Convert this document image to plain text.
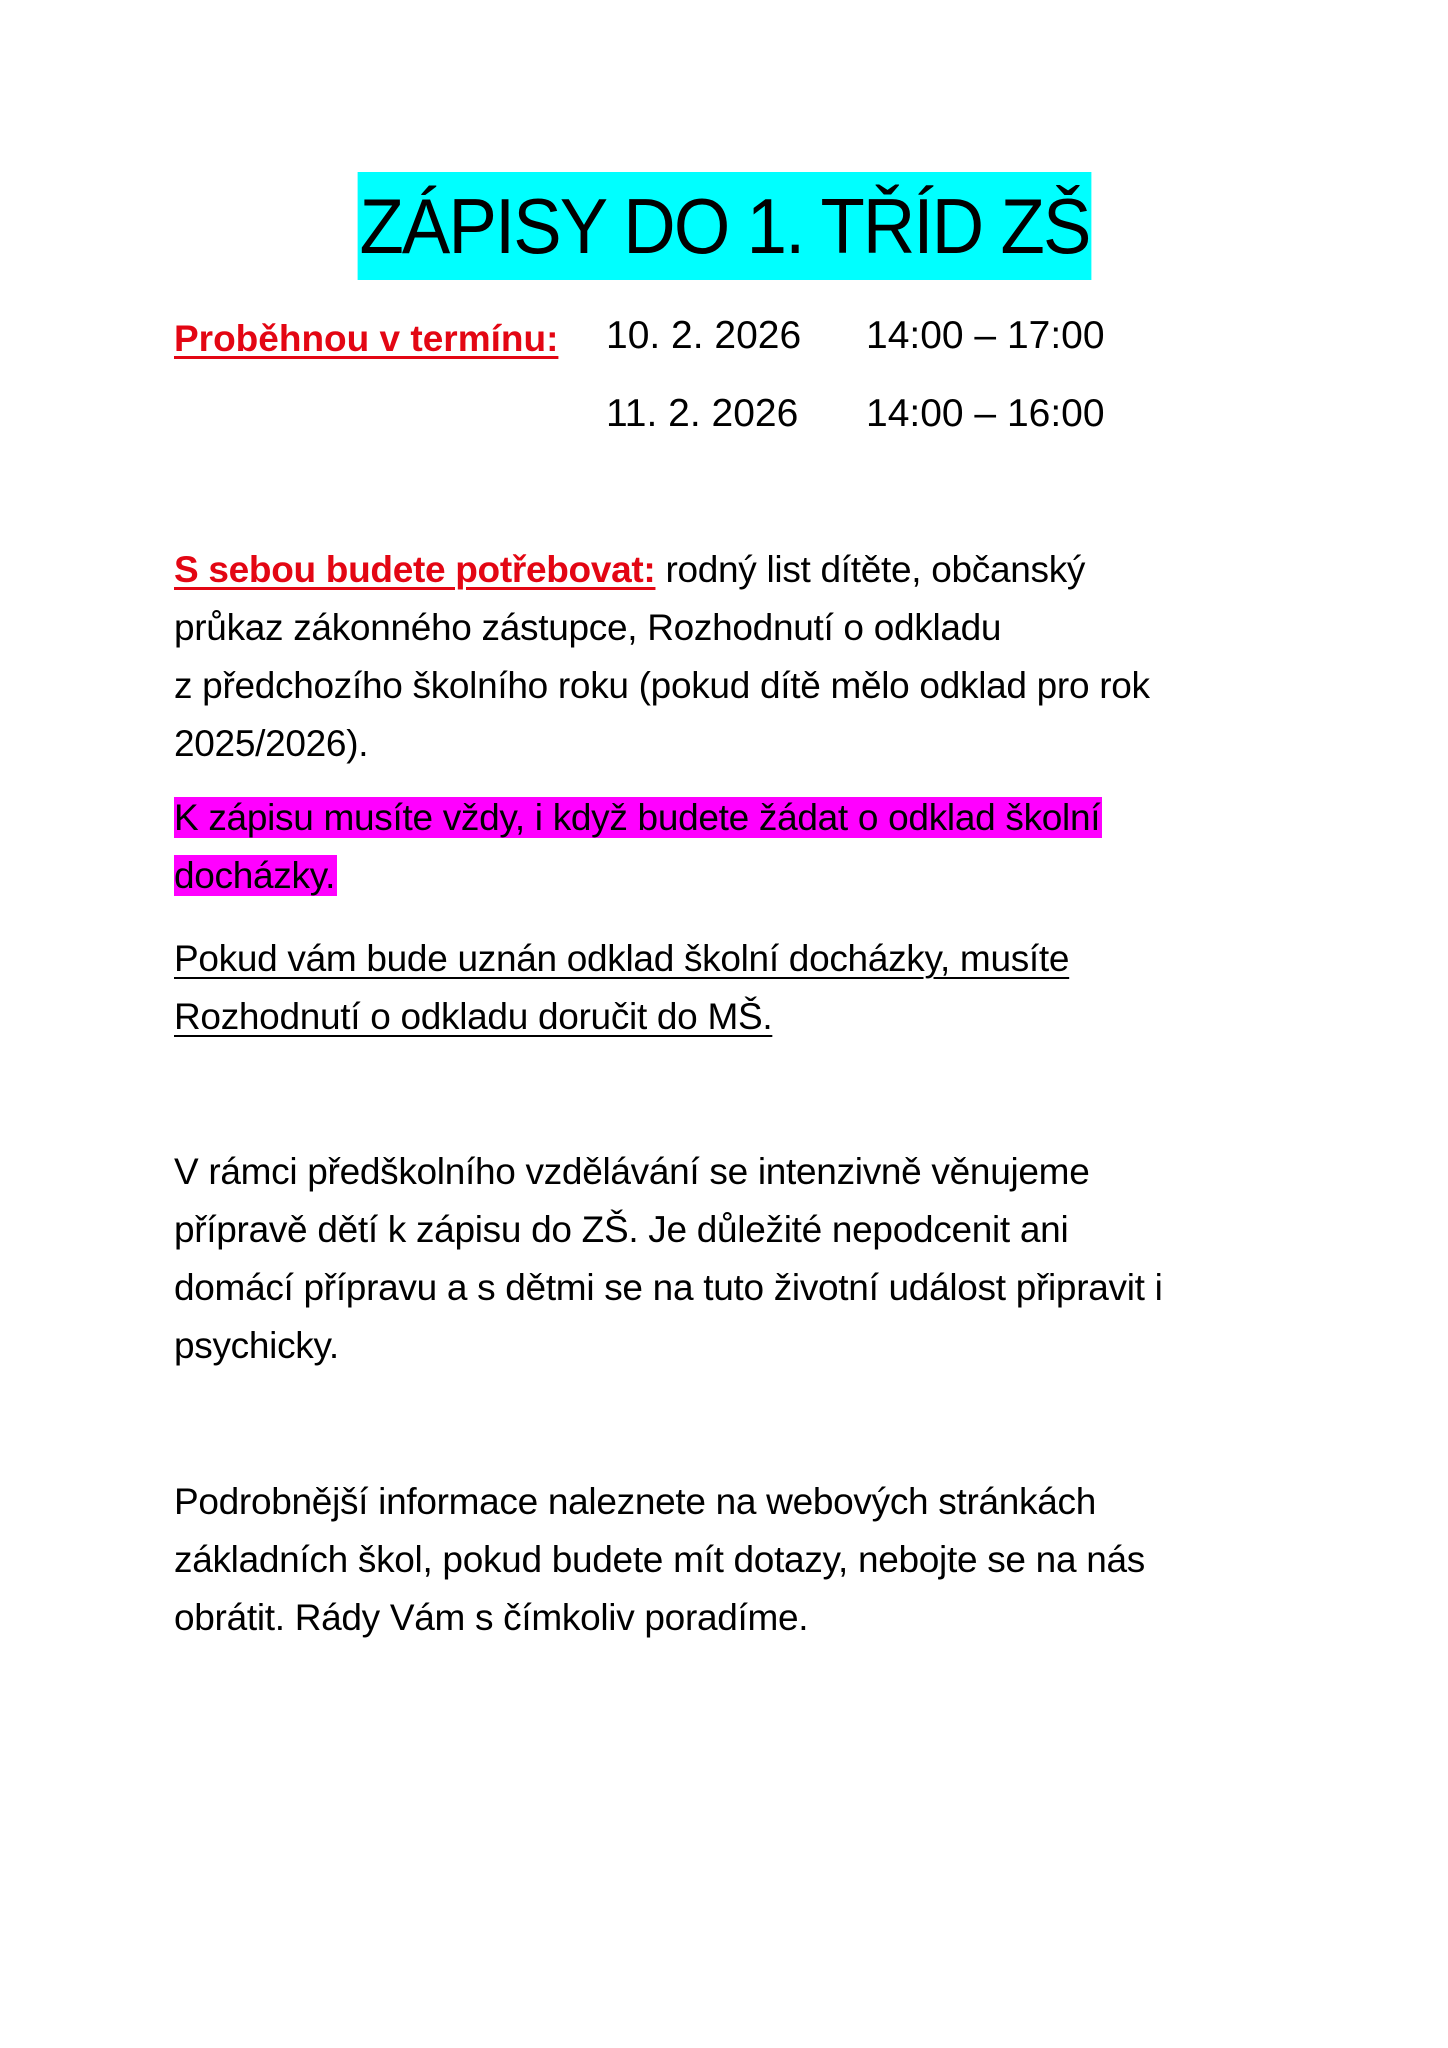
ZÁPISY DO 1. TŘÍD ZŠ
Proběhnou v termínu: 10. 2. 2026 14:00 – 17:00
11. 2. 2026 14:00 – 16:00
S sebou budete potřebovat: rodný list dítěte, občanský
průkaz zákonného zástupce, Rozhodnutí o odkladu
z předchozího školního roku (pokud dítě mělo odklad pro rok
2025/2026).
K zápisu musíte vždy, i když budete žádat o odklad školní
docházky.
Pokud vám bude uznán odklad školní docházky, musíte
Rozhodnutí o odkladu doručit do MŠ.
V rámci předškolního vzdělávání se intenzivně věnujeme
přípravě dětí k zápisu do ZŠ. Je důležité nepodcenit ani
domácí přípravu a s dětmi se na tuto životní událost připravit i
psychicky.
Podrobnější informace naleznete na webových stránkách
základních škol, pokud budete mít dotazy, nebojte se na nás
obrátit. Rády Vám s čímkoliv poradíme.
